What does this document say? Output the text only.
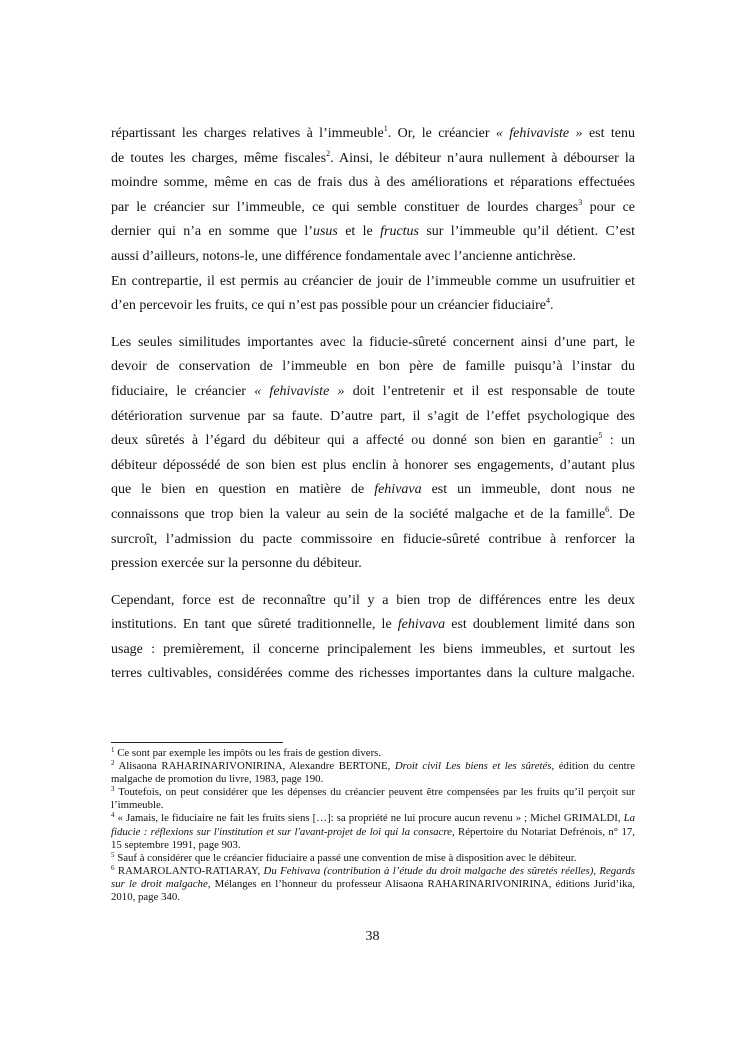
répartissant les charges relatives à l’immeuble$^1$. Or, le créancier « fehivaviste » est tenu

de toutes les charges, même fiscales$^2$. Ainsi, le débiteur n’aura nullement à débourser la

moindre somme, même en cas de frais dus à des améliorations et réparations effectuées

par le créancier sur l’immeuble, ce qui semble constituer de lourdes charges$^3$ pour ce

dernier qui n’a en somme que l’usus et le fructus sur l’immeuble qu’il détient. C’est

aussi d’ailleurs, notons-le, une différence fondamentale avec l’ancienne antichrèse.

En contrepartie, il est permis au créancier de jouir de l’immeuble comme un usufruitier et

d’en percevoir les fruits, ce qui n’est pas possible pour un créancier fiduciaire$^4$.

Les seules similitudes importantes avec la fiducie-sûreté concernent ainsi d’une part, le

devoir de conservation de l’immeuble en bon père de famille puisqu’à l’instar du

fiduciaire, le créancier « fehivaviste » doit l’entretenir et il est responsable de toute

détérioration survenue par sa faute. D’autre part, il s’agit de l’effet psychologique des

deux sûretés à l’égard du débiteur qui a affecté ou donné son bien en garantie$^5$ : un

débiteur dépossédé de son bien est plus enclin à honorer ses engagements, d’autant plus

que le bien en question en matière de fehivava est un immeuble, dont nous ne

connaissons que trop bien la valeur au sein de la société malgache et de la famille$^6$. De

surcroît, l’admission du pacte commissoire en fiducie-sûreté contribue à renforcer la

pression exercée sur la personne du débiteur.

Cependant, force est de reconnaître qu’il y a bien trop de différences entre les deux

institutions. En tant que sûreté traditionnelle, le fehivava est doublement limité dans son

usage : premièrement, il concerne principalement les biens immeubles, et surtout les

terres cultivables, considérées comme des richesses importantes dans la culture malgache.

$^1$ Ce sont par exemple les impôts ou les frais de gestion divers.

$^2$ Alisaona RAHARINARIVONIRINA, Alexandre BERTONE, Droit civil Les biens et les sûretés, édition du centre malgache de promotion du livre, 1983, page 190.

$^3$ Toutefois, on peut considérer que les dépenses du créancier peuvent être compensées par les fruits qu’il perçoit sur l’immeuble.

$^4$ « Jamais, le fiduciaire ne fait les fruits siens […]: sa propriété ne lui procure aucun revenu » ; Michel GRIMALDI, La fiducie : réflexions sur l'institution et sur l'avant-projet de loi qui la consacre, Répertoire du Notariat Defrénois, n° 17, 15 septembre 1991, page 903.

$^5$ Sauf à considérer que le créancier fiduciaire a passé une convention de mise à disposition avec le débiteur.

$^6$ RAMAROLANTO-RATIARAY, Du Fehivava (contribution à l’étude du droit malgache des sûretés réelles), Regards sur le droit malgache, Mélanges en l’honneur du professeur Alisaona RAHARINARIVONIRINA, éditions Jurid’ika, 2010, page 340.

38
